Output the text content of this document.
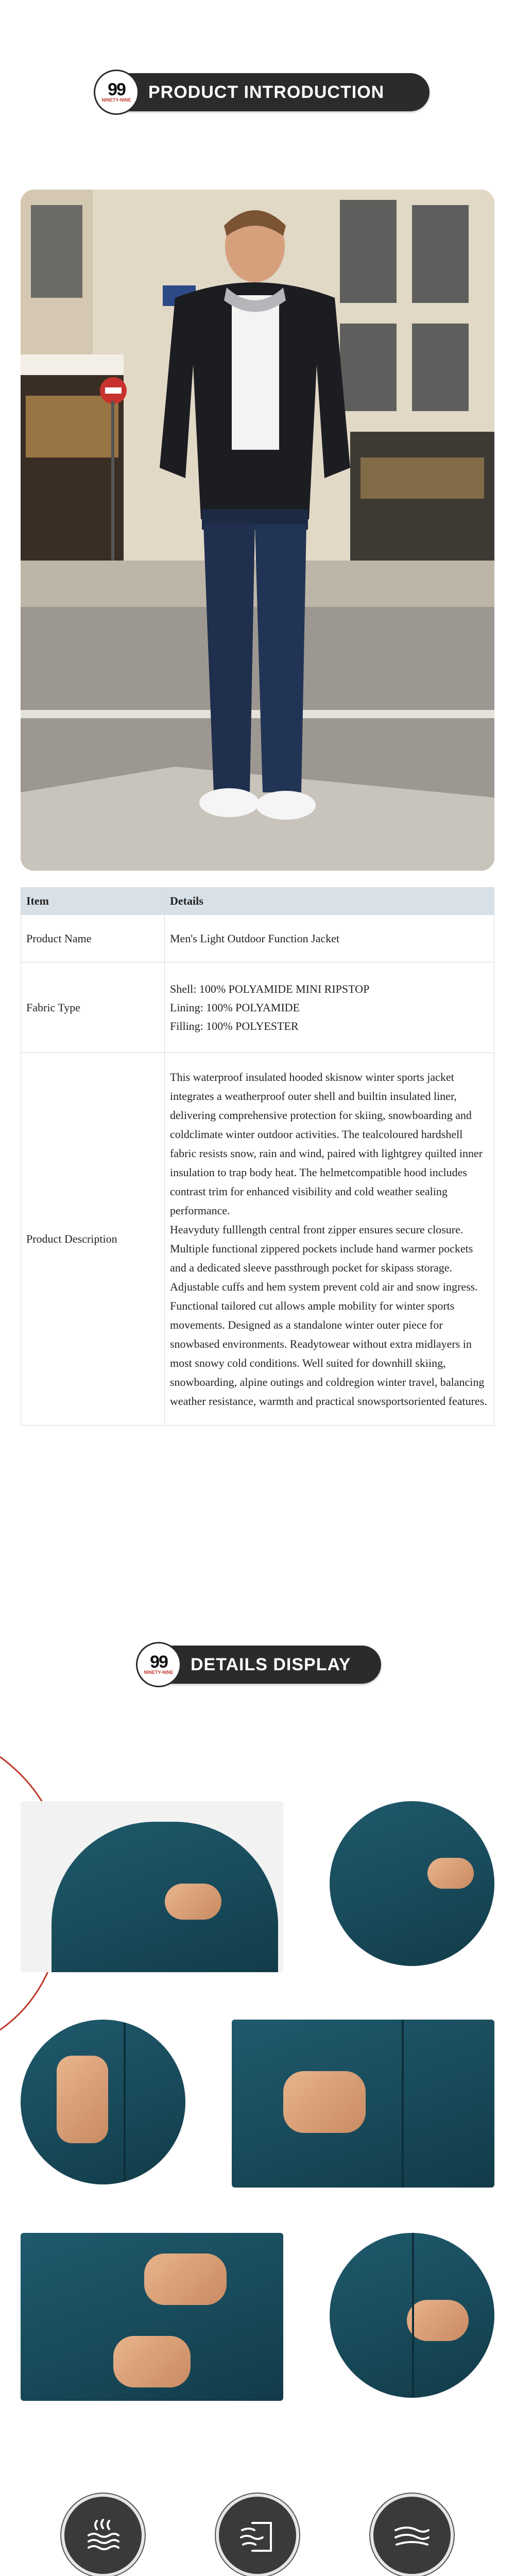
99
NINETY-NINE PRODUCT INTRODUCTION
Item	Details
Product Name	Men's Light Outdoor Function Jacket
Fabric Type	Shell: 100% POLYAMIDE MINI RIPSTOP
Lining: 100% POLYAMIDE
Filling: 100% POLYESTER

Product Description	This waterproof insulated hooded skisnow winter sports jacket integrates a weatherproof outer shell and builtin insulated liner, delivering comprehensive protection for skiing, snowboarding and coldclimate winter outdoor activities. The tealcoloured hardshell fabric resists snow, rain and wind, paired with lightgrey quilted inner insulation to trap body heat. The helmetcompatible hood includes contrast trim for enhanced visibility and cold weather sealing performance.

Heavyduty fulllength central front zipper ensures secure closure. Multiple functional zippered pockets include hand warmer pockets and a dedicated sleeve passthrough pocket for skipass storage. Adjustable cuffs and hem system prevent cold air and snow ingress. Functional tailored cut allows ample mobility for winter sports movements. Designed as a standalone winter outer piece for snowbased environments. Readytowear without extra midlayers in most snowy cold conditions. Well suited for downhill skiing, snowboarding, alpine outings and coldregion winter travel, balancing weather resistance, warmth and practical snowsportsoriented features.

99
NINETY-NINE DETAILS DISPLAY
